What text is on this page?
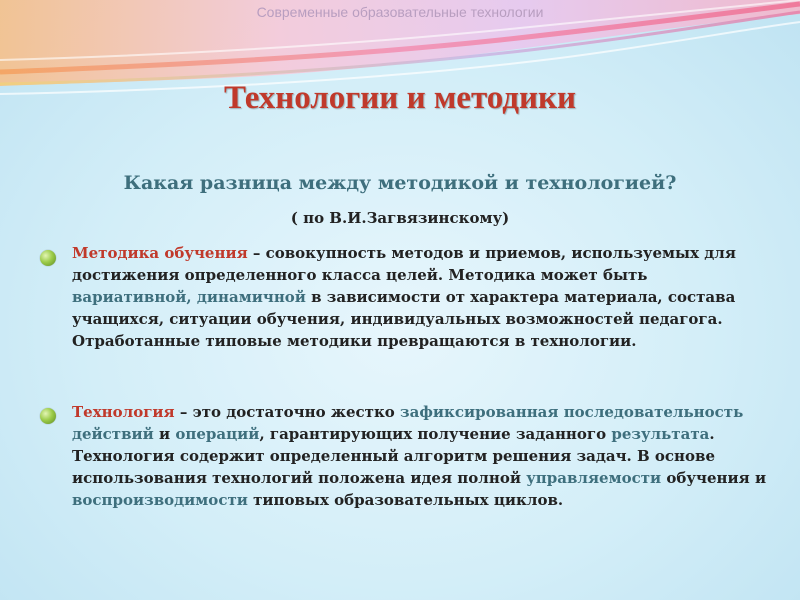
Современные образовательные технологии
Технологии и методики
Какая разница между методикой и технологией?
( по В.И.Загвязинскому)
Методика обучения – совокупность методов и приемов, используемых для достижения определенного класса целей. Методика может быть вариативной, динамичной в зависимости от характера материала, состава учащихся, ситуации обучения, индивидуальных возможностей педагога. Отработанные типовые методики превращаются в технологии.
Технология – это достаточно жестко зафиксированная последовательность действий и операций, гарантирующих получение заданного результата. Технология содержит определенный алгоритм решения задач. В основе использования технологий положена идея полной управляемости обучения и воспроизводимости типовых образовательных циклов.
